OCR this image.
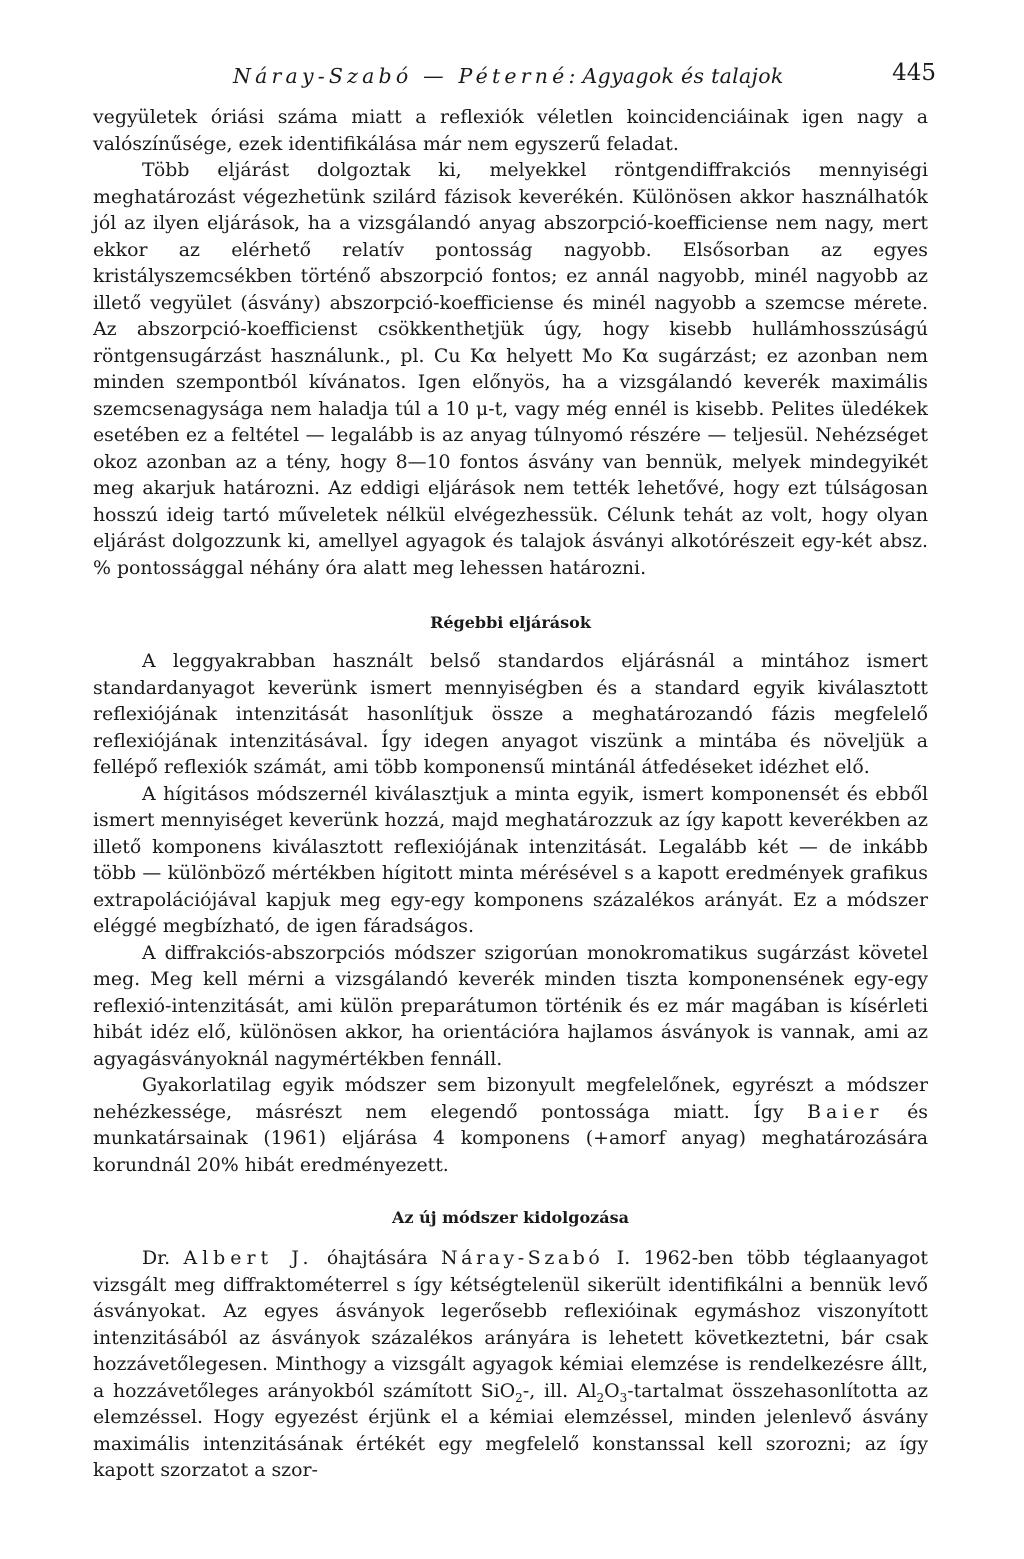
Náray-Szabó — Péterné: Agyagok és talajok	445

vegyületek óriási száma miatt a reflexiók véletlen koincidenciáinak igen nagy a valószínűsége, ezek identifikálása már nem egyszerű feladat.

Több eljárást dolgoztak ki, melyekkel röntgendiffrakciós mennyiségi meghatározást végezhetünk szilárd fázisok keverékén. Különösen akkor használhatók jól az ilyen eljárások, ha a vizsgálandó anyag abszorpció-koefficiense nem nagy, mert ekkor az elérhető relatív pontosság nagyobb. Elsősorban az egyes kristályszemcsékben történő abszorpció fontos; ez annál nagyobb, minél nagyobb az illető vegyület (ásvány) abszorpció-koefficiense és minél nagyobb a szemcse mérete. Az abszorpció-koefficienst csökkenthetjük úgy, hogy kisebb hullámhosszúságú röntgensugárzást használunk., pl. Cu Kα helyett Mo Kα sugárzást; ez azonban nem minden szempontból kívánatos. Igen előnyös, ha a vizsgálandó keverék maximális szemcsenagysága nem haladja túl a 10 μ-t, vagy még ennél is kisebb. Pelites üledékek esetében ez a feltétel — legalább is az anyag túlnyomó részére — teljesül. Nehézséget okoz azonban az a tény, hogy 8—10 fontos ásvány van bennük, melyek mindegyikét meg akarjuk határozni. Az eddigi eljárások nem tették lehetővé, hogy ezt túlságosan hosszú ideig tartó műveletek nélkül elvégezhessük. Célunk tehát az volt, hogy olyan eljárást dolgozzunk ki, amellyel agyagok és talajok ásványi alkotórészeit egy-két absz. % pontossággal néhány óra alatt meg lehessen határozni.

Régebbi eljárások

A leggyakrabban használt belső standardos eljárásnál a mintához ismert standardanyagot keverünk ismert mennyiségben és a standard egyik kiválasztott reflexiójának intenzitását hasonlítjuk össze a meghatározandó fázis megfelelő reflexiójának intenzitásával. Így idegen anyagot viszünk a mintába és növeljük a fellépő reflexiók számát, ami több komponensű mintánál átfedéseket idézhet elő.

A hígitásos módszernél kiválasztjuk a minta egyik, ismert komponensét és ebből ismert mennyiséget keverünk hozzá, majd meghatározzuk az így kapott keverékben az illető komponens kiválasztott reflexiójának intenzitását. Legalább két — de inkább több — különböző mértékben hígitott minta mérésével s a kapott eredmények grafikus extrapolációjával kapjuk meg egy-egy komponens százalékos arányát. Ez a módszer eléggé megbízható, de igen fáradságos.

A diffrakciós-abszorpciós módszer szigorúan monokromatikus sugárzást követel meg. Meg kell mérni a vizsgálandó keverék minden tiszta komponensének egy-egy reflexió-intenzitását, ami külön preparátumon történik és ez már magában is kísérleti hibát idéz elő, különösen akkor, ha orientációra hajlamos ásványok is vannak, ami az agyagásványoknál nagymértékben fennáll.

Gyakorlatilag egyik módszer sem bizonyult megfelelőnek, egyrészt a módszer nehézkessége, másrészt nem elegendő pontossága miatt. Így Baier és munkatársainak (1961) eljárása 4 komponens (+amorf anyag) meghatározására korundnál 20% hibát eredményezett.

Az új módszer kidolgozása

Dr. Albert J. óhajtására Náray-Szabó I. 1962-ben több téglaanyagot vizsgált meg diffraktométerrel s így kétségtelenül sikerült identifikálni a bennük levő ásványokat. Az egyes ásványok legerősebb reflexióinak egymáshoz viszonyított intenzitásából az ásványok százalékos arányára is lehetett következtetni, bár csak hozzávetőlegesen. Minthogy a vizsgált agyagok kémiai elemzése is rendelkezésre állt, a hozzávetőleges arányokból számított SiO$_2$-, ill. $Al_2O_3$-tartalmat összehasonlította az elemzéssel. Hogy egyezést érjünk el a kémiai elemzéssel, minden jelenlevő ásvány maximális intenzitásának értékét egy megfelelő konstanssal kell szorozni; az így kapott szorzatot a szor-
